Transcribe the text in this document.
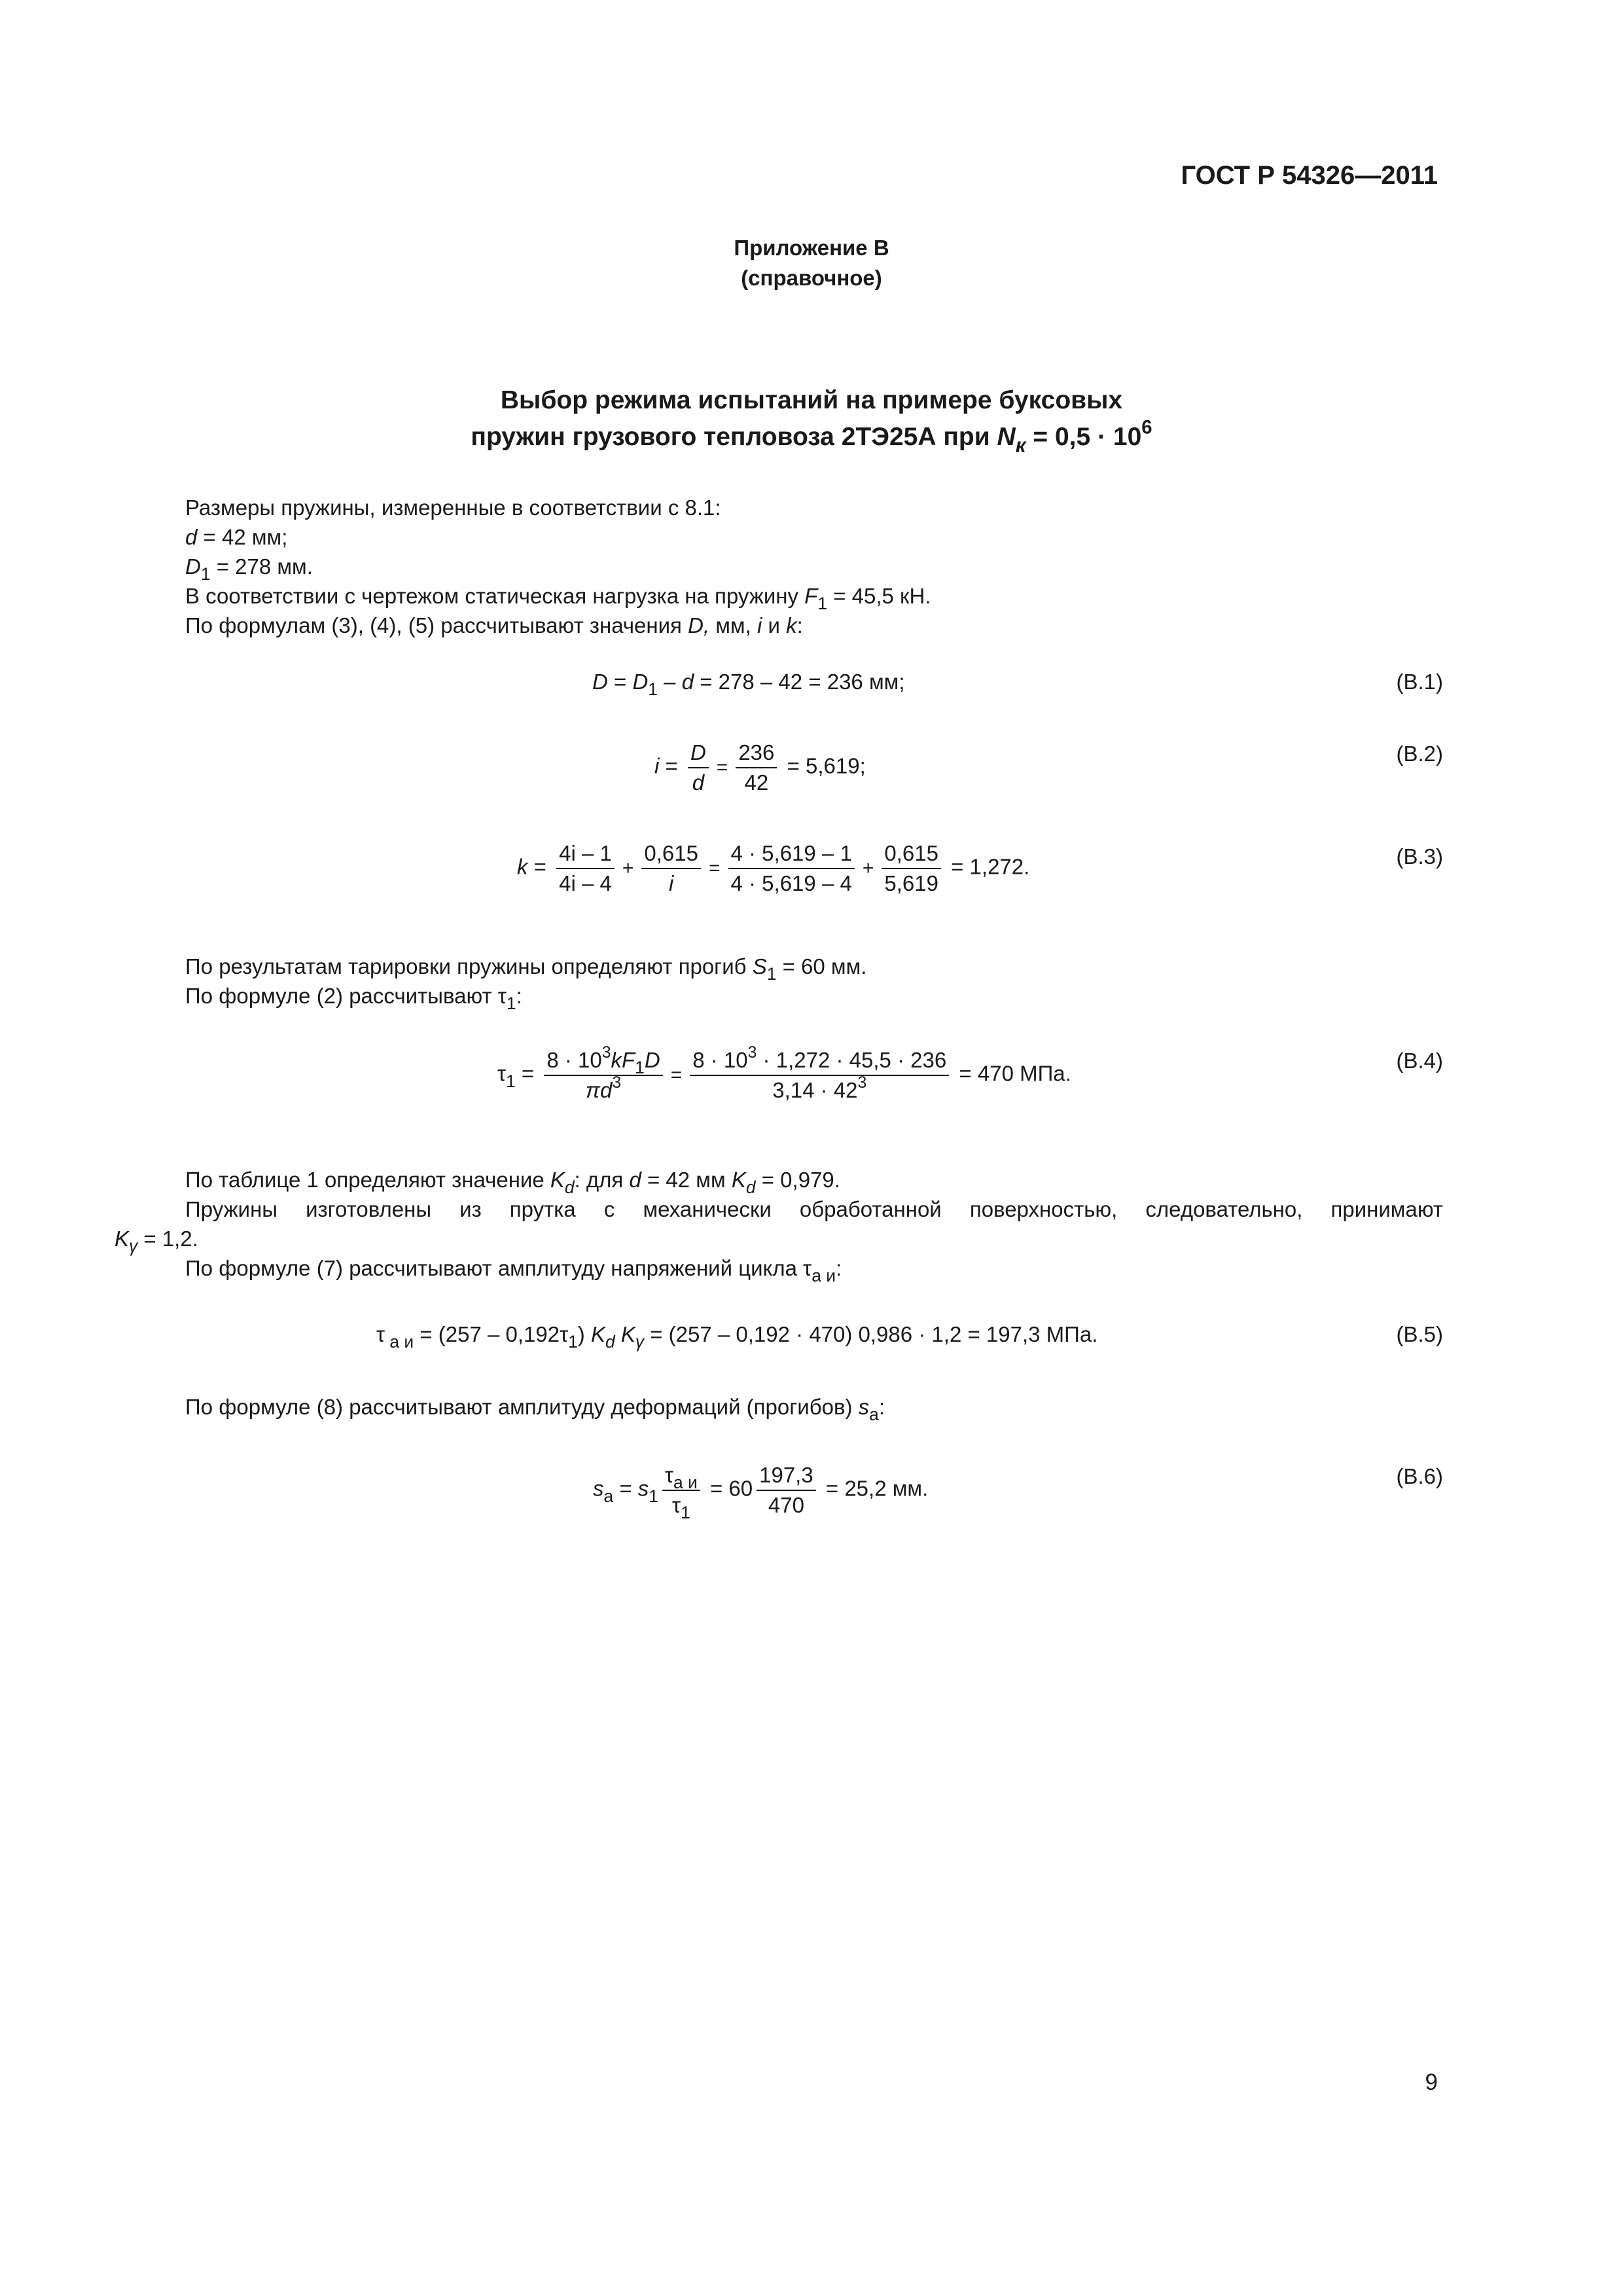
ГОСТ Р 54326—2011
Приложение В
(справочное)
Выбор режима испытаний на примере буксовых
пружин грузового тепловоза 2ТЭ25А при $N_к = 0,5 \cdot 10^6$
Размеры пружины, измеренные в соответствии с 8.1:
d = 42 мм;
$D_1 = 278$ мм.
В соответствии с чертежом статическая нагрузка на пружину $F_1 = 45,5$ кН.
По формулам (3), (4), (5) рассчитывают значения D, мм, i и k:
$D = D_1 - d = 278 - 42 = 236$ мм;	(В.1)
$i = \frac{D}{d} = \frac{236}{42} = 5,619$;
(В.2)
$k = \frac{4i - 1}{4i - 4} + \frac{0,615}{i} = \frac{4 \cdot 5,619 - 1}{4 \cdot 5,619 - 4} + \frac{0,615}{5,619} = 1,272$.	(В.3)
По результатам тарировки пружины определяют прогиб $S_1 = 60$ мм.
По формуле (2) рассчитывают $\tau_1$:
$\tau_1 = \frac{8 \cdot 10^3kF_1D}{\pi d^3} = \frac{8 \cdot 10^3 \cdot 1,272 \cdot 45,5 \cdot 236}{3,14 \cdot 42^3} = 470$ МПа.
(В.4)
По таблице 1 определяют значение $K_d$: для d = 42 мм $K_d = 0,979$.
Пружины изготовлены из прутка с механически обработанной поверхностью, следовательно, принимают
$K_\gamma = 1,2$.
По формуле (7) рассчитывают амплитуду напряжений цикла $\tau_{а и}$:
τ $_{а и} = (257 - 0,192\tau_1)$ $K_d$ $K_\gamma = (257 - 0,192 \cdot 470) 0,986 \cdot 1,2 = 197,3$ МПа.	(В.5)
По формуле (8) рассчитывают амплитуду деформаций (прогибов) $s_а$:
$s_а = s_1 \frac{\tau_{а и}}{\tau_1} = 60 \frac{197,3}{470} = 25,2$ мм.
(В.6)
9
